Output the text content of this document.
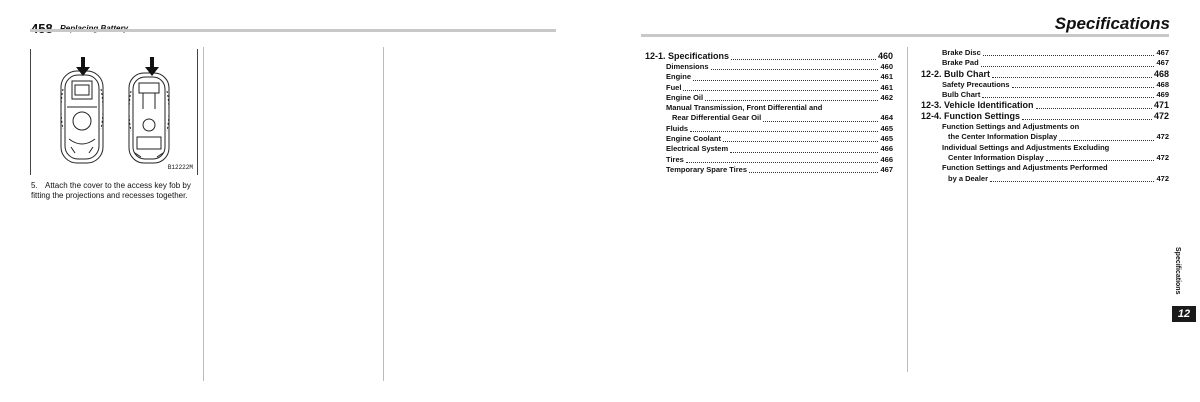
B12222M
5. Attach the cover to the access key fob by fitting the projections and recesses together.
Specifications
12-1. Specifications	460
Dimensions	460
Engine	461
Fuel	461
Engine Oil	462
Manual Transmission, Front Differential and
Rear Differential Gear Oil	464
Fluids	465
Engine Coolant	465
Electrical System	466
Tires	466
Temporary Spare Tires	467
Brake Disc	467
Brake Pad	467
12-2. Bulb Chart	468
Safety Precautions	468
Bulb Chart	469
12-3. Vehicle Identification	471
12-4. Function Settings	472
Function Settings and Adjustments on
the Center Information Display	472
Individual Settings and Adjustments Excluding
Center Information Display	472
Function Settings and Adjustments Performed
by a Dealer	472
Specifications
12
